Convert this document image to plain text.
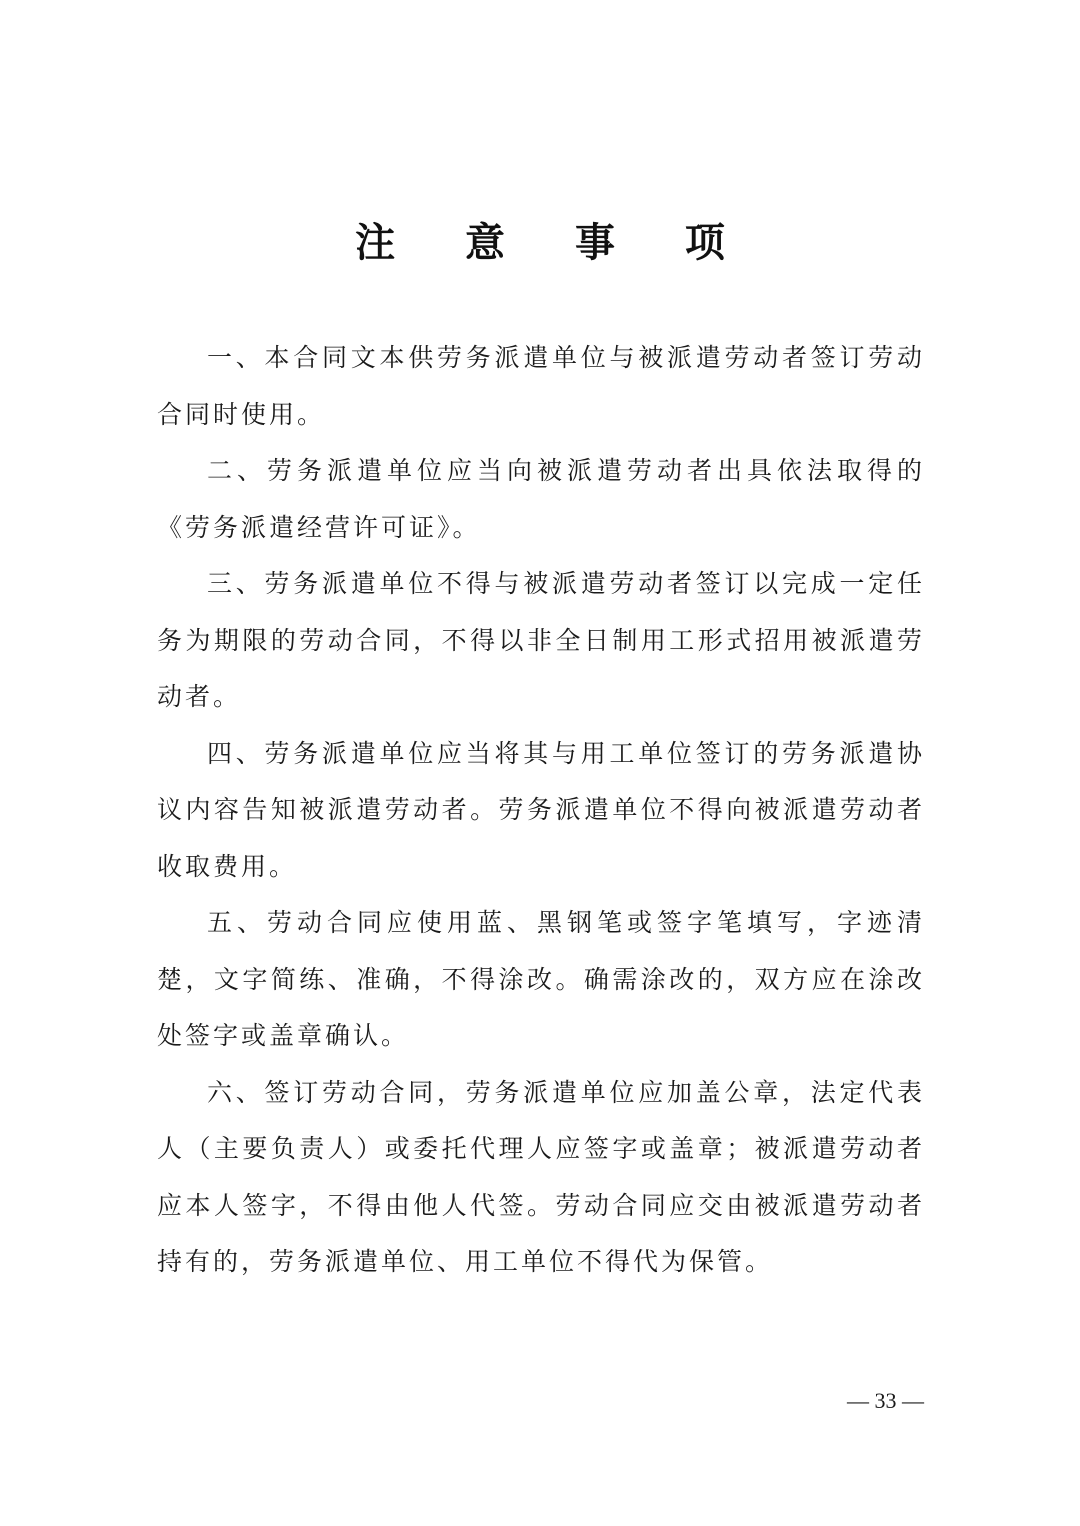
注 意 事 项

一、本合同文本供劳务派遣单位与被派遣劳动者签订劳动合同时使用。

二、劳务派遣单位应当向被派遣劳动者出具依法取得的《劳务派遣经营许可证》。

三、劳务派遣单位不得与被派遣劳动者签订以完成一定任务为期限的劳动合同，不得以非全日制用工形式招用被派遣劳动者。

四、劳务派遣单位应当将其与用工单位签订的劳务派遣协议内容告知被派遣劳动者。劳务派遣单位不得向被派遣劳动者收取费用。

五、劳动合同应使用蓝、黑钢笔或签字笔填写，字迹清楚，文字简练、准确，不得涂改。确需涂改的，双方应在涂改处签字或盖章确认。

六、签订劳动合同，劳务派遣单位应加盖公章，法定代表人（主要负责人）或委托代理人应签字或盖章；被派遣劳动者应本人签字，不得由他人代签。劳动合同应交由被派遣劳动者持有的，劳务派遣单位、用工单位不得代为保管。

— 33 —
